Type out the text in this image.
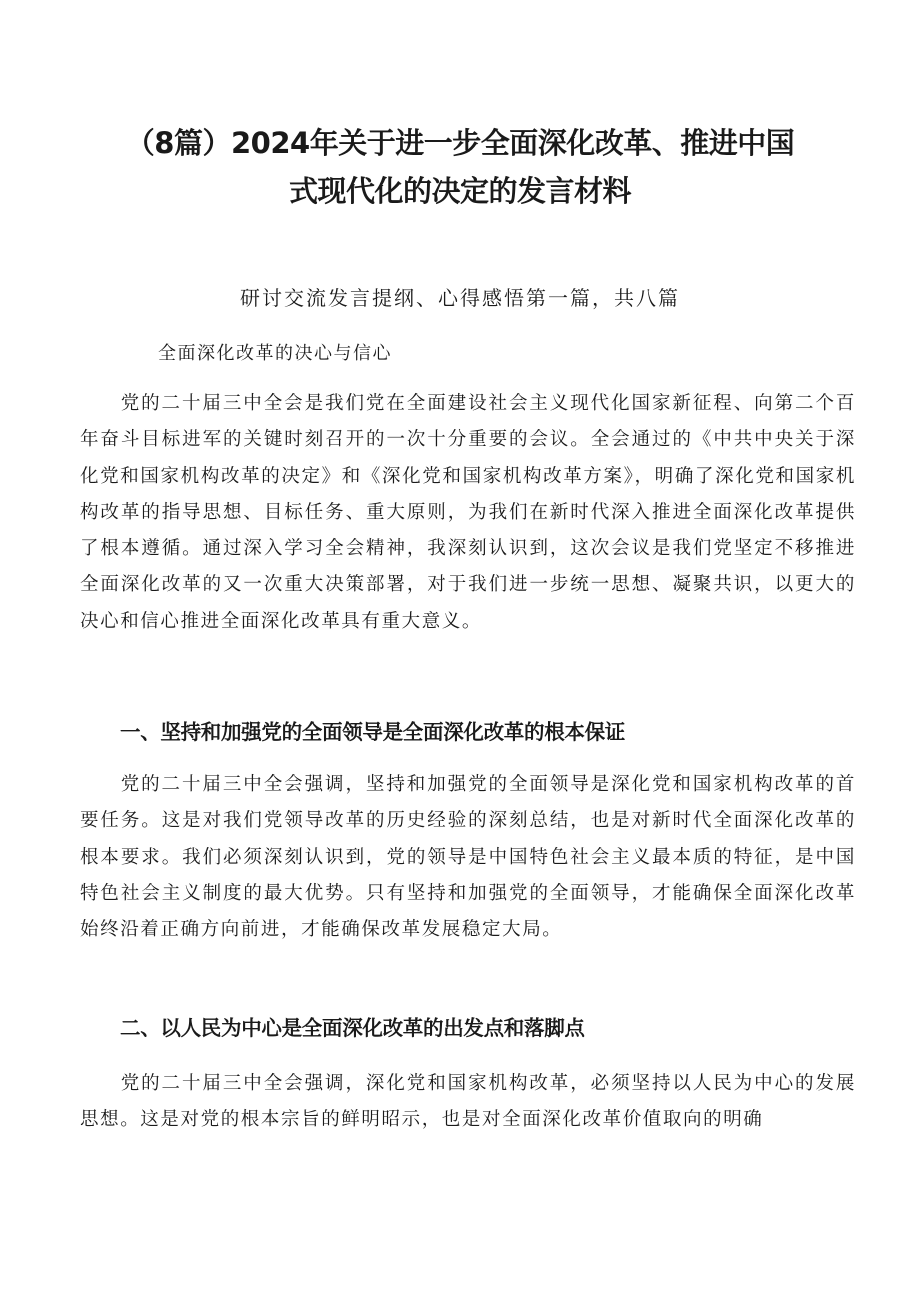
（8篇）2024年关于进一步全面深化改革、推进中国
式现代化的决定的发言材料

研讨交流发言提纲、心得感悟第一篇，共八篇

全面深化改革的决心与信心

党的二十届三中全会是我们党在全面建设社会主义现代化国家新征程、向第二个百年奋斗目标进军的关键时刻召开的一次十分重要的会议。全会通过的《中共中央关于深化党和国家机构改革的决定》和《深化党和国家机构改革方案》，明确了深化党和国家机构改革的指导思想、目标任务、重大原则，为我们在新时代深入推进全面深化改革提供了根本遵循。通过深入学习全会精神，我深刻认识到，这次会议是我们党坚定不移推进全面深化改革的又一次重大决策部署，对于我们进一步统一思想、凝聚共识，以更大的决心和信心推进全面深化改革具有重大意义。

一、坚持和加强党的全面领导是全面深化改革的根本保证

党的二十届三中全会强调，坚持和加强党的全面领导是深化党和国家机构改革的首要任务。这是对我们党领导改革的历史经验的深刻总结，也是对新时代全面深化改革的根本要求。我们必须深刻认识到，党的领导是中国特色社会主义最本质的特征，是中国特色社会主义制度的最大优势。只有坚持和加强党的全面领导，才能确保全面深化改革始终沿着正确方向前进，才能确保改革发展稳定大局。

二、以人民为中心是全面深化改革的出发点和落脚点

党的二十届三中全会强调，深化党和国家机构改革，必须坚持以人民为中心的发展思想。这是对党的根本宗旨的鲜明昭示，也是对全面深化改革价值取向的明确
